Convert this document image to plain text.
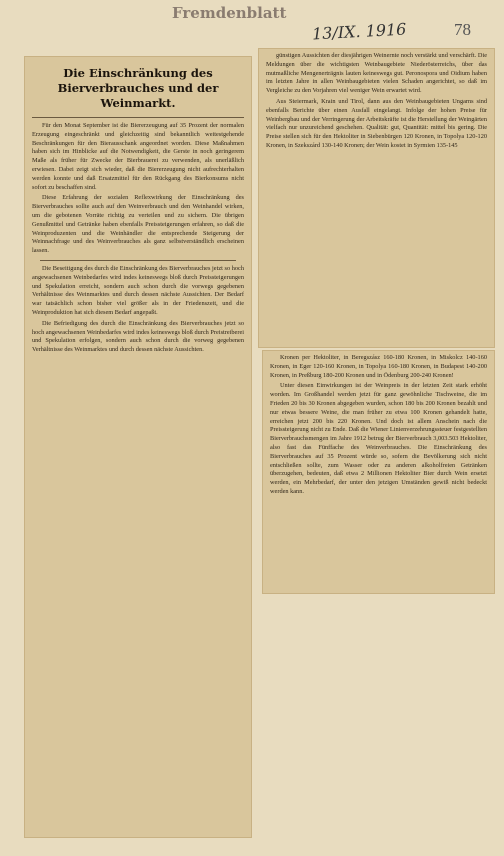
Fremdenblatt
13/IX. 1916	78
Die Einschränkung des Bierverbrauches und der Weinmarkt.

Für den Monat September ist die Biererzeugung auf 35 Prozent der normalen Erzeugung eingeschränkt und gleichzeitig sind bekanntlich weitestgehende Beschränkungen für den Bierausschank angeordnet worden. Diese Maßnahmen haben sich im Hinblicke auf die Notwendigkeit, die Gerste in noch geringerem Maße als früher für Zwecke der Bierbrauerei zu verwenden, als unerläßlich erwiesen. Dabei zeigt sich wieder, daß die Biererzeugung nicht aufrechterhalten werden konnte und daß Ersatzmittel für den Rückgang des Bierkonsums nicht sofort zu beschaffen sind.

Diese Erfahrung der sozialen Reflexwirkung der Einschränkung des Bierverbrauches sollte auch auf den Weinverbrauch und den Weinhandel wirken, um die gebotenen Vorräte richtig zu verteilen und zu sichern. Die übrigen Genußmittel und Getränke haben ebenfalls Preissteigerungen erfahren, so daß die Weinproduzenten und die Weinhändler die entsprechende Steigerung der Weinnachfrage und des Weinverbrauches als ganz selbstverständlich erscheinen lassen.

Die Beseitigung des durch die Einschränkung des Bierverbrauches jetzt so hoch angewachsenen Weinbedarfes wird indes keineswegs bloß durch Preissteigerungen und Spekulation erreicht, sondern auch schon durch die vorwegs gegebenen Verhältnisse des Weinmarktes und durch dessen nächste Aussichten. Der Bedarf war tatsächlich schon bisher viel größer als in der Friedenszeit, und die Weinproduktion hat sich diesem Bedarf angepaßt.

Die Befriedigung des durch die Einschränkung des Bierverbrauches jetzt so hoch angewachsenen Weinbedarfes wird indes keineswegs bloß durch Preistreiberei und Spekulation erfolgen, sondern auch schon durch die vorweg gegebenen Verhältnisse des Weinmarktes und durch dessen nächste Aussichten.

günstigen Aussichten der diesjährigen Weinernte noch verstärkt und verschärft. Die Meldungen über die wichtigsten Weinbaugebiete Niederösterreichs, über das mutmaßliche Mengenerträgnis lauten keineswegs gut. Peronospora und Oidium haben im letzten Jahre in allen Weinbaugebieten vielen Schaden angerichtet, so daß im Vergleiche zu den Vorjahren viel weniger Wein erwartet wird.

Aus Steiermark, Krain und Tirol, dann aus den Weinbaugebieten Ungarns sind ebenfalls Berichte über einen Ausfall eingelangt. Infolge der hohen Preise für Weinbergbau und der Verringerung der Arbeitskräfte ist die Herstellung der Weingärten vielfach nur unzureichend geschehen. Qualität: gut, Quantität: mittel bis gering. Die Preise stellen sich für den Hektoliter in Siebenbürgen 120 Kronen, in Topolya 120-120 Kronen, in Szekszárd 130-140 Kronen; der Wein kostet in Syrmien 135-145

Kronen per Hektoliter, in Beregszász 160-180 Kronen, in Miskolcz 140-160 Kronen, in Eger 120-160 Kronen, in Topolya 160-180 Kronen, in Budapest 140-200 Kronen, in Preßburg 180-200 Kronen und in Ödenburg 200-240 Kronen!

Unter diesen Einwirkungen ist der Weinpreis in der letzten Zeit stark erhöht worden. Im Großhandel werden jetzt für ganz gewöhnliche Tischweine, die im Frieden 20 bis 30 Kronen abgegeben wurden, schon 180 bis 200 Kronen bezahlt und nur etwas bessere Weine, die man früher zu etwa 100 Kronen gehandelt hatte, erreichen jetzt 200 bis 220 Kronen. Und doch ist allem Anschein nach die Preissteigerung nicht zu Ende. Daß die Wiener Linienverzehrungssteuer festgestellten Bierverbrauchsmengen im Jahre 1912 betrug der Bierverbrauch 3,003.503 Hektoliter, also fast das Fünffache des Weinverbrauches. Die Einschränkung des Bierverbrauches auf 35 Prozent würde so, sofern die Bevölkerung sich nicht entschließen sollte, zum Wasser oder zu anderen alkoholfreien Getränken überzugehen, bedeuten, daß etwa 2 Millionen Hektoliter Bier durch Wein ersetzt werden, ein Mehrbedarf, der unter den jetzigen Umständen gewiß nicht bedeckt werden kann.
